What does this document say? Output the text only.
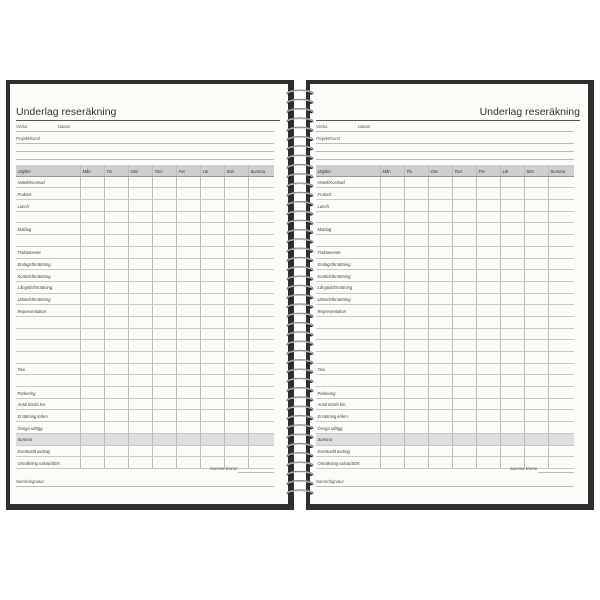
Underlag reseräkning
Vecka	Datum
Projekt/Kund
Utgifter	Mån	Tis	Ons	Tors	Fre	Lör	Sön	Summa
Hotell/Kostnad
Frukost
Lunch
Middag
Traktamente
Endagsförrättning
Korttidsförrättning
Långtidsförrättning
Utlandsförrättning
Representation
Taxi
Parkering
Antal körda km
Ersättning kr/km
Övriga utlägg
Summa
Eventuellt avdrag
Omräkning valuta/SEK
Summa kronor
Namn/Signatur
Underlag reseräkning
Vecka	Datum
Projekt/Kund
Utgifter	Mån	Tis	Ons	Tors	Fre	Lör	Sön	Summa
Hotell/Kostnad
Frukost
Lunch
Middag
Traktamente
Endagsförrättning
Korttidsförrättning
Långtidsförrättning
Utlandsförrättning
Representation
Taxi
Parkering
Antal körda km
Ersättning kr/km
Övriga utlägg
Summa
Eventuellt avdrag
Omräkning valuta/SEK
Summa kronor
Namn/Signatur
